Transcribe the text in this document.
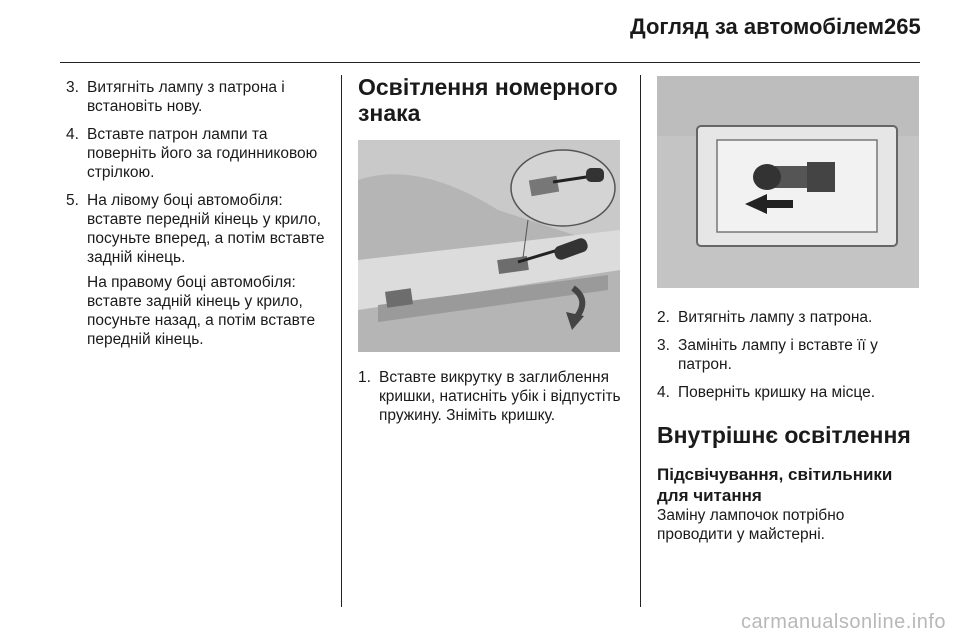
Догляд за автомобілем 265
3. Витягніть лампу з патрона і встановіть нову.
4. Вставте патрон лампи та поверніть його за годинниковою стрілкою.
5. На лівому боці автомобіля: вставте передній кінець у крило, посуньте вперед, а потім вставте задній кінець.

На правому боці автомобіля: вставте задній кінець у крило, посуньте назад, а потім вставте передній кінець.

Освітлення номерного знака
1. Вставте викрутку в заглиблення кришки, натисніть убік і відпустіть пружину. Зніміть кришку.
2. Витягніть лампу з патрона.
3. Замініть лампу і вставте її у патрон.
4. Поверніть кришку на місце.
Внутрішнє освітлення
Підсвічування, світильники для читання

Заміну лампочок потрібно проводити у майстерні.

carmanualsonline.info
